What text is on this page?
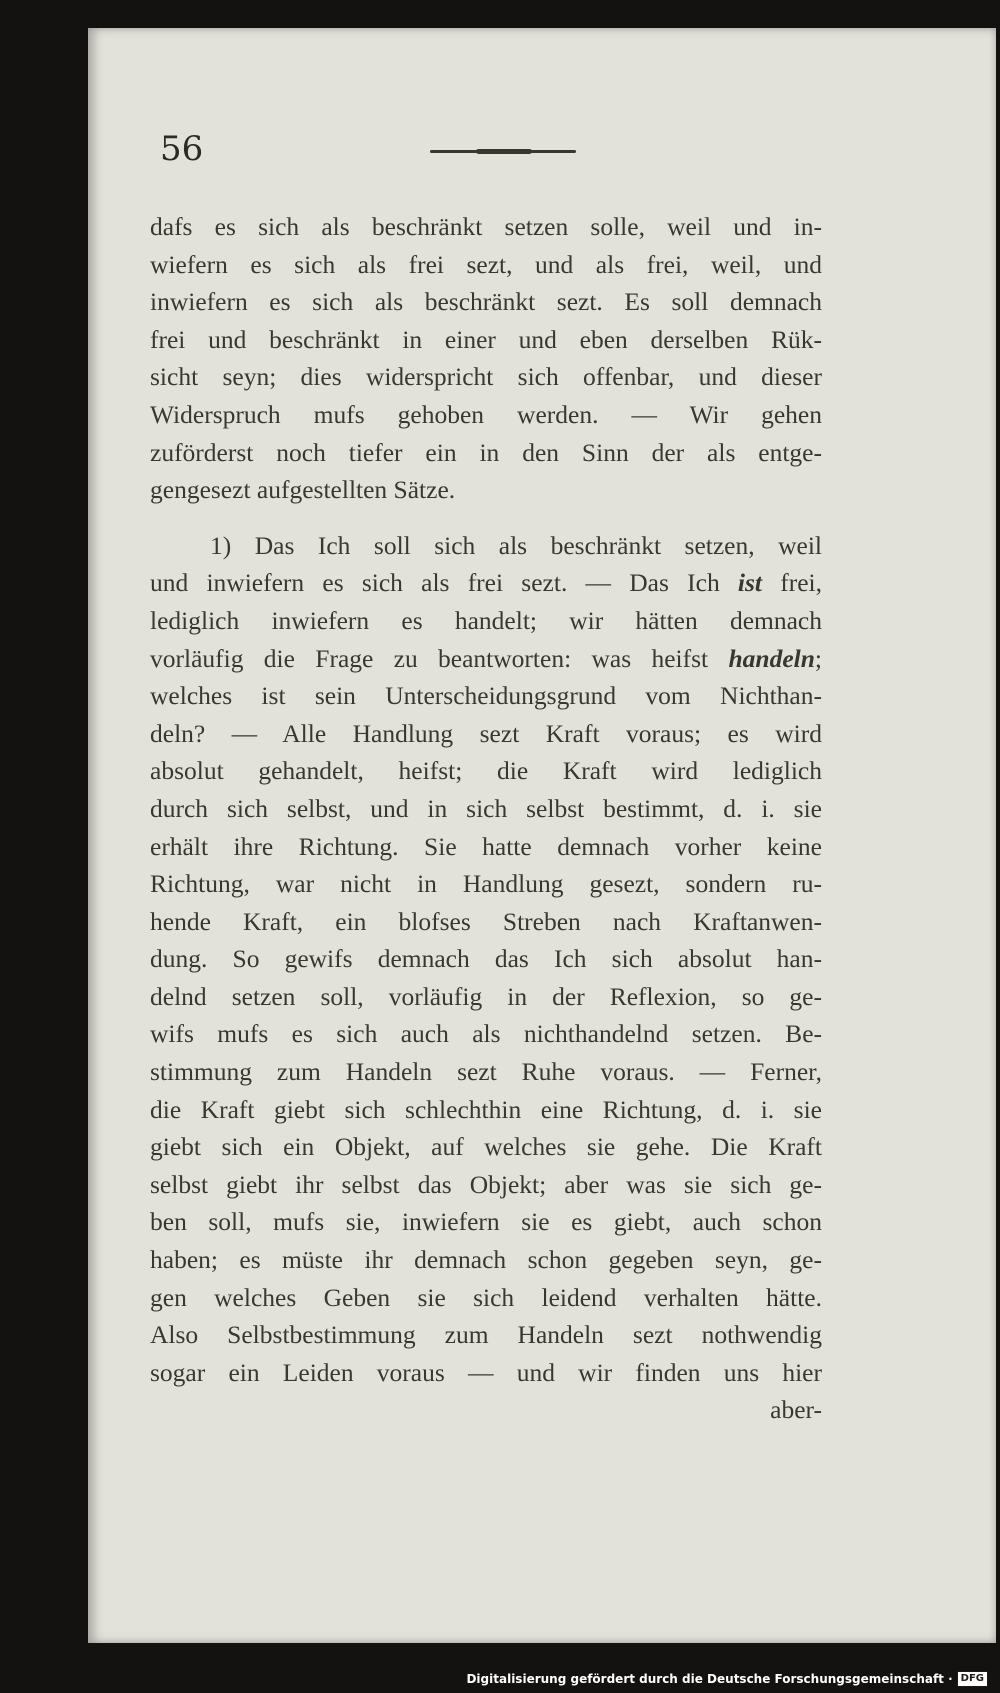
56
dafs es sich als beschränkt setzen solle, weil und in-
wiefern es sich als frei sezt, und als frei, weil, und
inwiefern es sich als beschränkt sezt. Es soll demnach
frei und beschränkt in einer und eben derselben Rük-
sicht seyn; dies widerspricht sich offenbar, und dieser
Widerspruch mufs gehoben werden. — Wir gehen
zuförderst noch tiefer ein in den Sinn der als entge-
gengesezt aufgestellten Sätze.
1) Das Ich soll sich als beschränkt setzen, weil
und inwiefern es sich als frei sezt. — Das Ich ist frei,
lediglich inwiefern es handelt; wir hätten demnach
vorläufig die Frage zu beantworten: was heifst handeln;
welches ist sein Unterscheidungsgrund vom Nichthan-
deln? — Alle Handlung sezt Kraft voraus; es wird
absolut gehandelt, heifst; die Kraft wird lediglich
durch sich selbst, und in sich selbst bestimmt, d. i. sie
erhält ihre Richtung. Sie hatte demnach vorher keine
Richtung, war nicht in Handlung gesezt, sondern ru-
hende Kraft, ein blofses Streben nach Kraftanwen-
dung. So gewifs demnach das Ich sich absolut han-
delnd setzen soll, vorläufig in der Reflexion, so ge-
wifs mufs es sich auch als nichthandelnd setzen. Be-
stimmung zum Handeln sezt Ruhe voraus. — Ferner,
die Kraft giebt sich schlechthin eine Richtung, d. i. sie
giebt sich ein Objekt, auf welches sie gehe. Die Kraft
selbst giebt ihr selbst das Objekt; aber was sie sich ge-
ben soll, mufs sie, inwiefern sie es giebt, auch schon
haben; es müste ihr demnach schon gegeben seyn, ge-
gen welches Geben sie sich leidend verhalten hätte.
Also Selbstbestimmung zum Handeln sezt nothwendig
sogar ein Leiden voraus — und wir finden uns hier
aber-
Digitalisierung gefördert durch die Deutsche Forschungsgemeinschaft · DFG
